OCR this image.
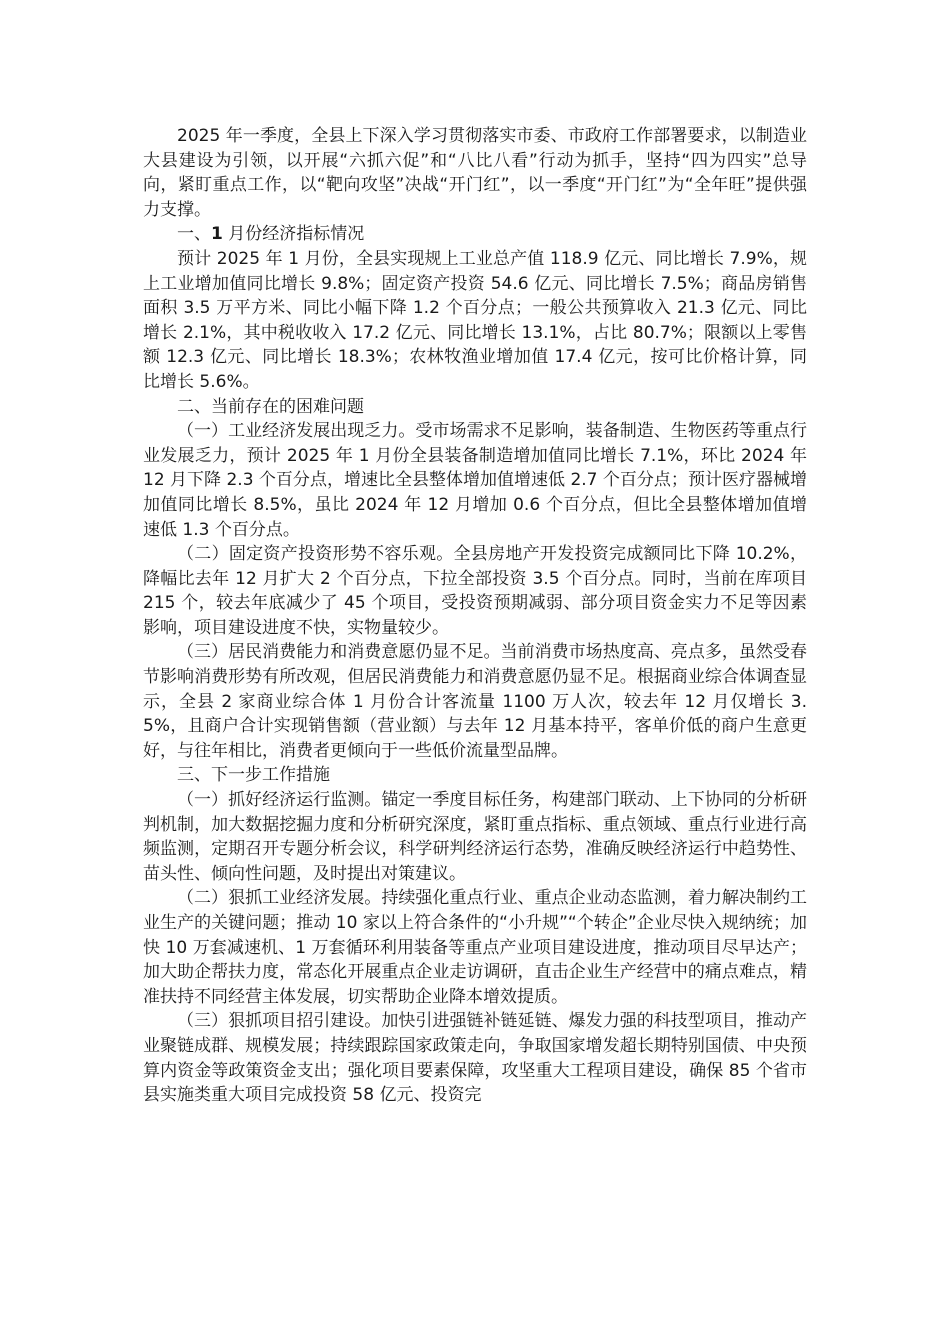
2025 年一季度，全县上下深入学习贯彻落实市委、市政府工作部署要求，以制造业大县建设为引领，以开展“六抓六促”和“八比八看”行动为抓手，坚持“四为四实”总导向，紧盯重点工作，以“靶向攻坚”决战“开门红”，以一季度“开门红”为“全年旺”提供强力支撑。

一、1 月份经济指标情况

预计 2025 年 1 月份，全县实现规上工业总产值 118.9 亿元、同比增长 7.9%，规上工业增加值同比增长 9.8%；固定资产投资 54.6 亿元、同比增长 7.5%；商品房销售面积 3.5 万平方米、同比小幅下降 1.2 个百分点；一般公共预算收入 21.3 亿元、同比增长 2.1%，其中税收收入 17.2 亿元、同比增长 13.1%，占比 80.7%；限额以上零售额 12.3 亿元、同比增长 18.3%；农林牧渔业增加值 17.4 亿元，按可比价格计算，同比增长 5.6%。

二、当前存在的困难问题

（一）工业经济发展出现乏力。受市场需求不足影响，装备制造、生物医药等重点行业发展乏力，预计 2025 年 1 月份全县装备制造增加值同比增长 7.1%，环比 2024 年 12 月下降 2.3 个百分点，增速比全县整体增加值增速低 2.7 个百分点；预计医疗器械增加值同比增长 8.5%，虽比 2024 年 12 月增加 0.6 个百分点，但比全县整体增加值增速低 1.3 个百分点。

（二）固定资产投资形势不容乐观。全县房地产开发投资完成额同比下降 10.2%，降幅比去年 12 月扩大 2 个百分点，下拉全部投资 3.5 个百分点。同时，当前在库项目 215 个，较去年底减少了 45 个项目，受投资预期减弱、部分项目资金实力不足等因素影响，项目建设进度不快，实物量较少。

（三）居民消费能力和消费意愿仍显不足。当前消费市场热度高、亮点多，虽然受春节影响消费形势有所改观，但居民消费能力和消费意愿仍显不足。根据商业综合体调查显示，全县 2 家商业综合体 1 月份合计客流量 1100 万人次，较去年 12 月仅增长 3.5%，且商户合计实现销售额（营业额）与去年 12 月基本持平，客单价低的商户生意更好，与往年相比，消费者更倾向于一些低价流量型品牌。

三、下一步工作措施

（一）抓好经济运行监测。锚定一季度目标任务，构建部门联动、上下协同的分析研判机制，加大数据挖掘力度和分析研究深度，紧盯重点指标、重点领域、重点行业进行高频监测，定期召开专题分析会议，科学研判经济运行态势，准确反映经济运行中趋势性、苗头性、倾向性问题，及时提出对策建议。

（二）狠抓工业经济发展。持续强化重点行业、重点企业动态监测，着力解决制约工业生产的关键问题；推动 10 家以上符合条件的“小升规”“个转企”企业尽快入规纳统；加快 10 万套减速机、1 万套循环利用装备等重点产业项目建设进度，推动项目尽早达产；加大助企帮扶力度，常态化开展重点企业走访调研，直击企业生产经营中的痛点难点，精准扶持不同经营主体发展，切实帮助企业降本增效提质。

（三）狠抓项目招引建设。加快引进强链补链延链、爆发力强的科技型项目，推动产业聚链成群、规模发展；持续跟踪国家政策走向，争取国家增发超长期特别国债、中央预算内资金等政策资金支出；强化项目要素保障，攻坚重大工程项目建设，确保 85 个省市县实施类重大项目完成投资 58 亿元、投资完
